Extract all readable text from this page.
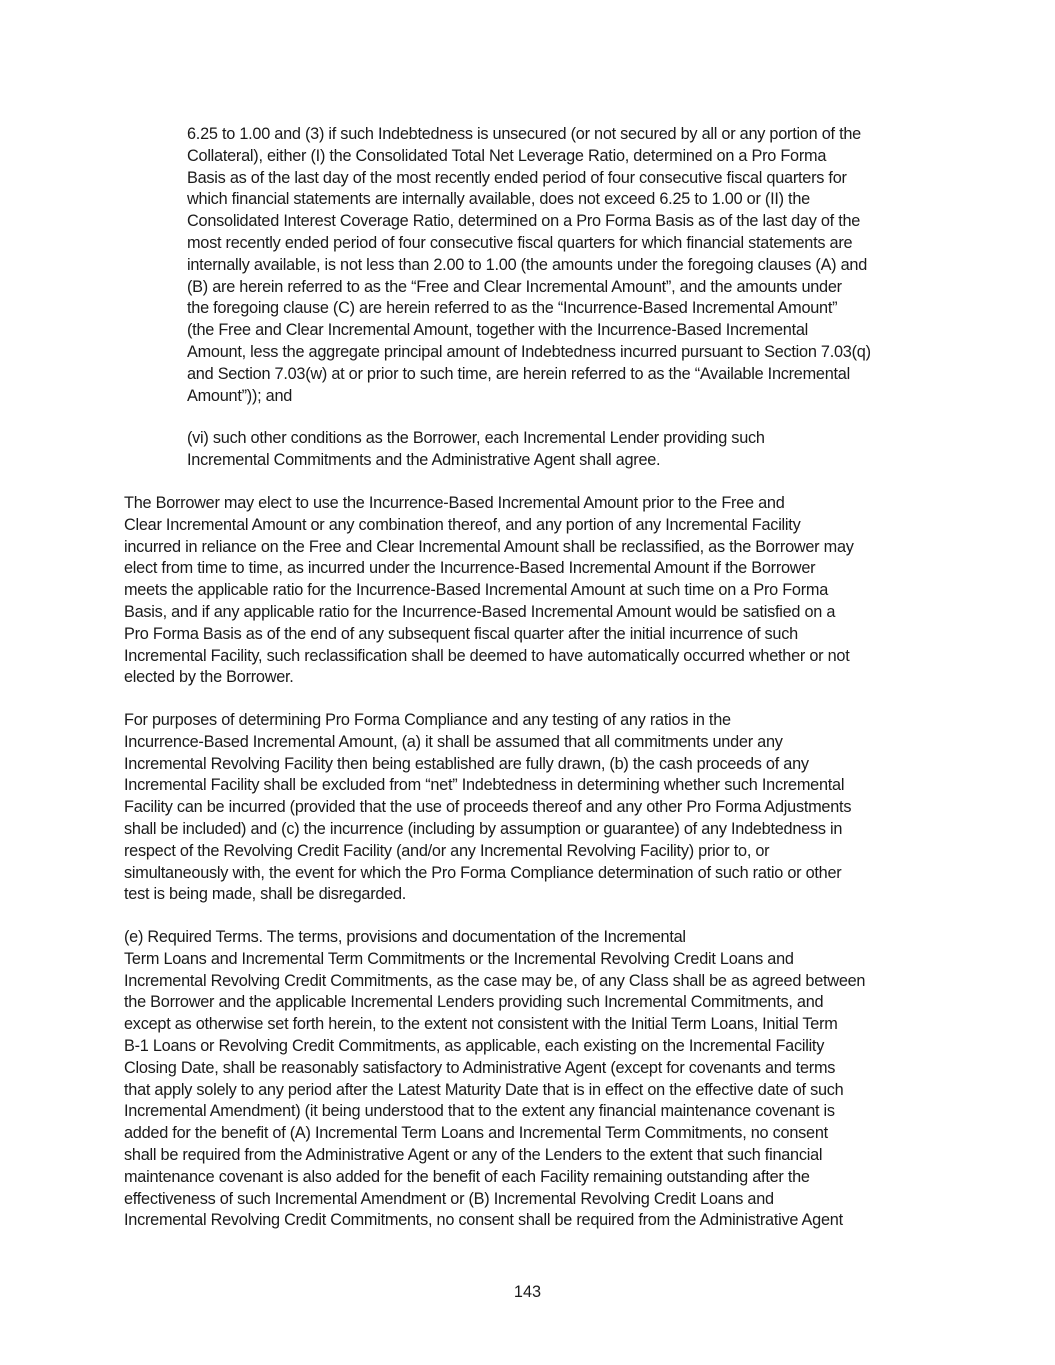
6.25 to 1.00 and (3) if such Indebtedness is unsecured (or not secured by all or any portion of the
Collateral), either (I) the Consolidated Total Net Leverage Ratio, determined on a Pro Forma
Basis as of the last day of the most recently ended period of four consecutive fiscal quarters for
which financial statements are internally available, does not exceed 6.25 to 1.00 or (II) the
Consolidated Interest Coverage Ratio, determined on a Pro Forma Basis as of the last day of the
most recently ended period of four consecutive fiscal quarters for which financial statements are
internally available, is not less than 2.00 to 1.00 (the amounts under the foregoing clauses (A) and
(B) are herein referred to as the “Free and Clear Incremental Amount”, and the amounts under
the foregoing clause (C) are herein referred to as the “Incurrence-Based Incremental Amount”
(the Free and Clear Incremental Amount, together with the Incurrence-Based Incremental
Amount, less the aggregate principal amount of Indebtedness incurred pursuant to Section 7.03(q)
and Section 7.03(w) at or prior to such time, are herein referred to as the “Available Incremental
Amount”)); and

(vi) such other conditions as the Borrower, each Incremental Lender providing such
Incremental Commitments and the Administrative Agent shall agree.

The Borrower may elect to use the Incurrence-Based Incremental Amount prior to the Free and
Clear Incremental Amount or any combination thereof, and any portion of any Incremental Facility
incurred in reliance on the Free and Clear Incremental Amount shall be reclassified, as the Borrower may
elect from time to time, as incurred under the Incurrence-Based Incremental Amount if the Borrower
meets the applicable ratio for the Incurrence-Based Incremental Amount at such time on a Pro Forma
Basis, and if any applicable ratio for the Incurrence-Based Incremental Amount would be satisfied on a
Pro Forma Basis as of the end of any subsequent fiscal quarter after the initial incurrence of such
Incremental Facility, such reclassification shall be deemed to have automatically occurred whether or not
elected by the Borrower.

For purposes of determining Pro Forma Compliance and any testing of any ratios in the
Incurrence-Based Incremental Amount, (a) it shall be assumed that all commitments under any
Incremental Revolving Facility then being established are fully drawn, (b) the cash proceeds of any
Incremental Facility shall be excluded from “net” Indebtedness in determining whether such Incremental
Facility can be incurred (provided that the use of proceeds thereof and any other Pro Forma Adjustments
shall be included) and (c) the incurrence (including by assumption or guarantee) of any Indebtedness in
respect of the Revolving Credit Facility (and/or any Incremental Revolving Facility) prior to, or
simultaneously with, the event for which the Pro Forma Compliance determination of such ratio or other
test is being made, shall be disregarded.

(e) Required Terms. The terms, provisions and documentation of the Incremental
Term Loans and Incremental Term Commitments or the Incremental Revolving Credit Loans and
Incremental Revolving Credit Commitments, as the case may be, of any Class shall be as agreed between
the Borrower and the applicable Incremental Lenders providing such Incremental Commitments, and
except as otherwise set forth herein, to the extent not consistent with the Initial Term Loans, Initial Term
B-1 Loans or Revolving Credit Commitments, as applicable, each existing on the Incremental Facility
Closing Date, shall be reasonably satisfactory to Administrative Agent (except for covenants and terms
that apply solely to any period after the Latest Maturity Date that is in effect on the effective date of such
Incremental Amendment) (it being understood that to the extent any financial maintenance covenant is
added for the benefit of (A) Incremental Term Loans and Incremental Term Commitments, no consent
shall be required from the Administrative Agent or any of the Lenders to the extent that such financial
maintenance covenant is also added for the benefit of each Facility remaining outstanding after the
effectiveness of such Incremental Amendment or (B) Incremental Revolving Credit Loans and
Incremental Revolving Credit Commitments, no consent shall be required from the Administrative Agent

143
